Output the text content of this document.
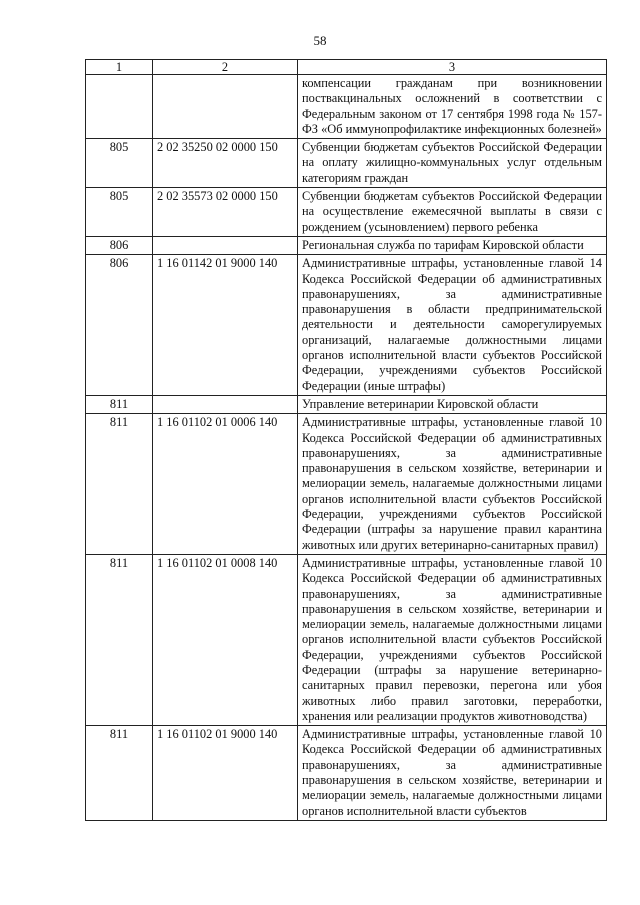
58
1	2	3
		компенсации гражданам при возникновении поствакцинальных осложнений в соответствии с Федеральным законом от 17 сентября 1998 года № 157-ФЗ «Об иммунопрофилактике инфекционных болезней»
805	2 02 35250 02 0000 150	Субвенции бюджетам субъектов Российской Федерации на оплату жилищно-коммунальных услуг отдельным категориям граждан
805	2 02 35573 02 0000 150	Субвенции бюджетам субъектов Российской Федерации на осуществление ежемесячной выплаты в связи с рождением (усыновлением) первого ребенка
806		Региональная служба по тарифам Кировской области
806	1 16 01142 01 9000 140	Административные штрафы, установленные главой 14 Кодекса Российской Федерации об административных правонарушениях, за административные правонарушения в области предпринимательской деятельности и деятельности саморегулируемых организаций, налагаемые должностными лицами органов исполнительной власти субъектов Российской Федерации, учреждениями субъектов Российской Федерации (иные штрафы)
811		Управление ветеринарии Кировской области
811	1 16 01102 01 0006 140	Административные штрафы, установленные главой 10 Кодекса Российской Федерации об административных правонарушениях, за административные правонарушения в сельском хозяйстве, ветеринарии и мелиорации земель, налагаемые должностными лицами органов исполнительной власти субъектов Российской Федерации, учреждениями субъектов Российской Федерации (штрафы за нарушение правил карантина животных или других ветеринарно-санитарных правил)
811	1 16 01102 01 0008 140	Административные штрафы, установленные главой 10 Кодекса Российской Федерации об административных правонарушениях, за административные правонарушения в сельском хозяйстве, ветеринарии и мелиорации земель, налагаемые должностными лицами органов исполнительной власти субъектов Российской Федерации, учреждениями субъектов Российской Федерации (штрафы за нарушение ветеринарно-санитарных правил перевозки, перегона или убоя животных либо правил заготовки, переработки, хранения или реализации продуктов животноводства)
811	1 16 01102 01 9000 140	Административные штрафы, установленные главой 10 Кодекса Российской Федерации об административных правонарушениях, за административные правонарушения в сельском хозяйстве, ветеринарии и мелиорации земель, налагаемые должностными лицами органов исполнительной власти субъектов
